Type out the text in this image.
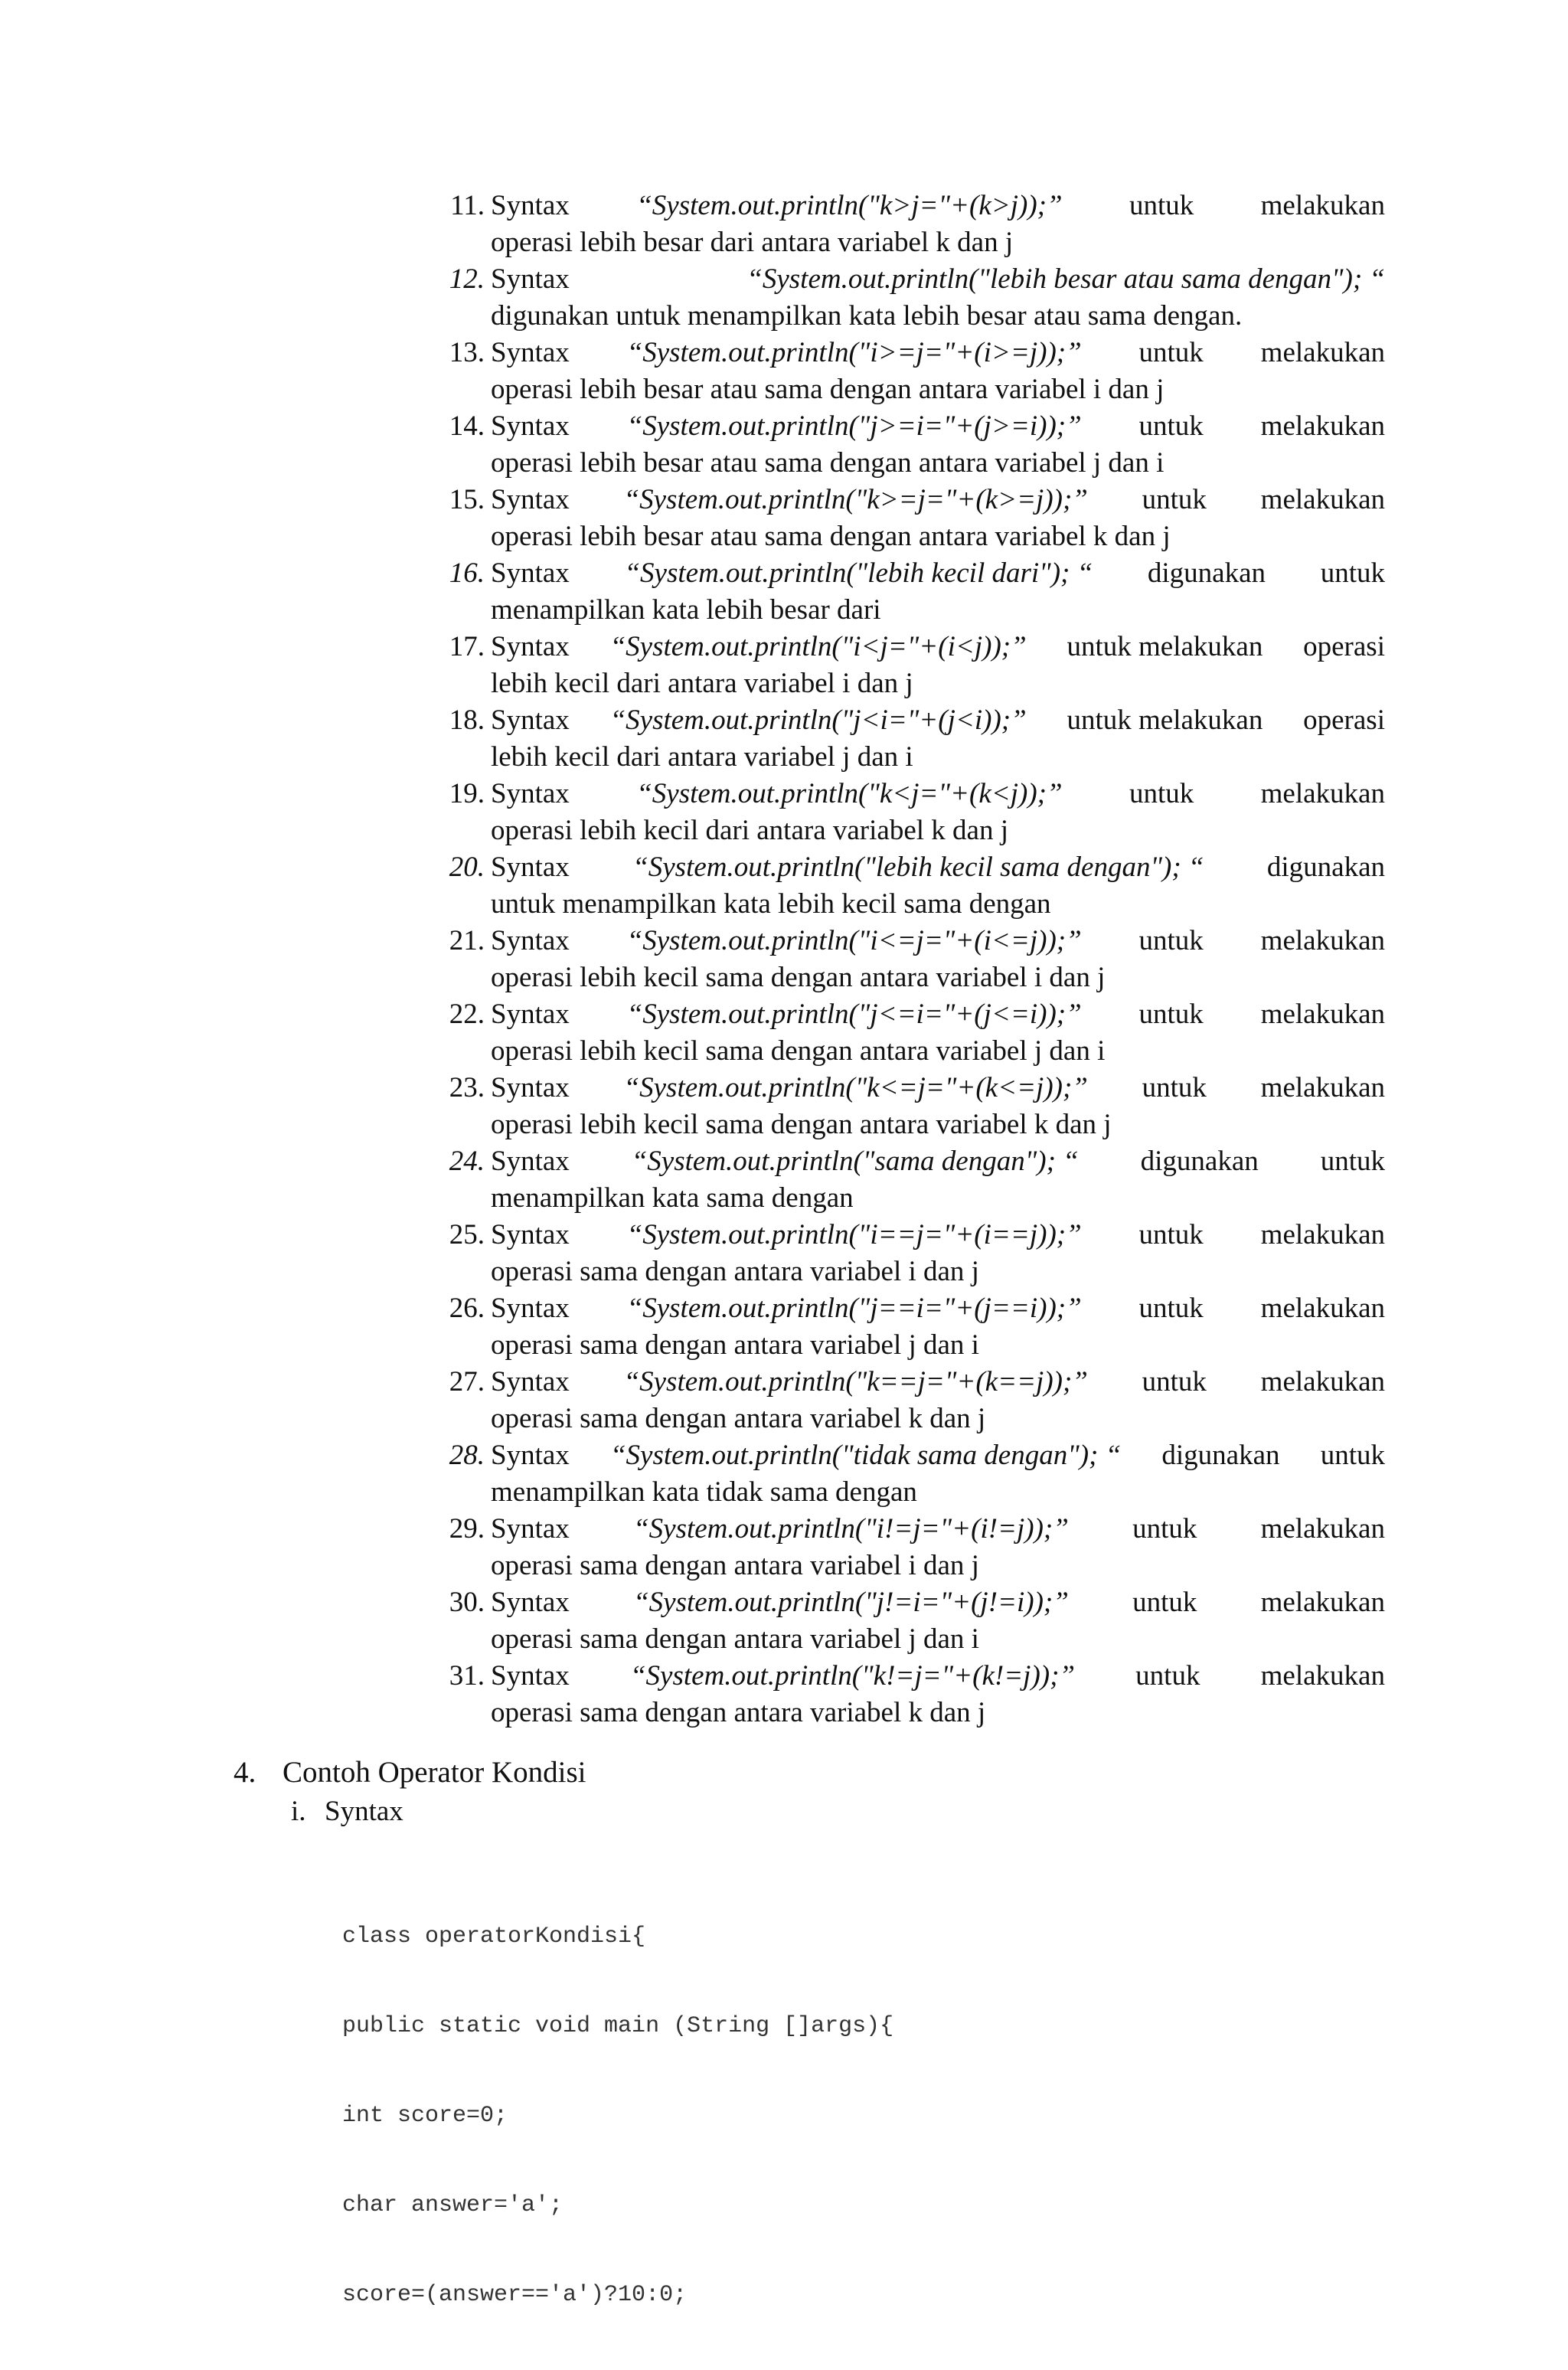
11. Syntax “System.out.println("k>j="+(k>j));” untuk melakukan
operasi lebih besar dari antara variabel k dan j
12. Syntax	“System.out.println("lebih besar atau sama dengan"); “
digunakan untuk menampilkan kata lebih besar atau sama dengan.
13. Syntax “System.out.println("i>=j="+(i>=j));” untuk melakukan
operasi lebih besar atau sama dengan antara variabel i dan j
14. Syntax “System.out.println("j>=i="+(j>=i));” untuk melakukan
operasi lebih besar atau sama dengan antara variabel j dan i
15. Syntax “System.out.println("k>=j="+(k>=j));” untuk melakukan
operasi lebih besar atau sama dengan antara variabel k dan j
16. Syntax “System.out.println("lebih kecil dari"); “ digunakan untuk
menampilkan kata lebih besar dari
17. Syntax “System.out.println("i<j="+(i<j));” untuk melakukan operasi
lebih kecil dari antara variabel i dan j
18. Syntax “System.out.println("j<i="+(j<i));” untuk melakukan operasi
lebih kecil dari antara variabel j dan i
19. Syntax “System.out.println("k<j="+(k<j));” untuk melakukan
operasi lebih kecil dari antara variabel k dan j
20. Syntax “System.out.println("lebih kecil sama dengan"); “ digunakan
untuk menampilkan kata lebih kecil sama dengan
21. Syntax “System.out.println("i<=j="+(i<=j));” untuk melakukan
operasi lebih kecil sama dengan antara variabel i dan j
22. Syntax “System.out.println("j<=i="+(j<=i));” untuk melakukan
operasi lebih kecil sama dengan antara variabel j dan i
23. Syntax “System.out.println("k<=j="+(k<=j));” untuk melakukan
operasi lebih kecil sama dengan antara variabel k dan j
24. Syntax “System.out.println("sama dengan"); “ digunakan untuk
menampilkan kata sama dengan
25. Syntax “System.out.println("i==j="+(i==j));” untuk melakukan
operasi sama dengan antara variabel i dan j
26. Syntax “System.out.println("j==i="+(j==i));” untuk melakukan
operasi sama dengan antara variabel j dan i
27. Syntax “System.out.println("k==j="+(k==j));” untuk melakukan
operasi sama dengan antara variabel k dan j
28. Syntax “System.out.println("tidak sama dengan"); “ digunakan untuk
menampilkan kata tidak sama dengan
29. Syntax “System.out.println("i!=j="+(i!=j));” untuk melakukan
operasi sama dengan antara variabel i dan j
30. Syntax “System.out.println("j!=i="+(j!=i));” untuk melakukan
operasi sama dengan antara variabel j dan i
31. Syntax “System.out.println("k!=j="+(k!=j));” untuk melakukan
operasi sama dengan antara variabel k dan j
4. Contoh Operator Kondisi
i. Syntax

class operatorKondisi{

public static void main (String []args){

int score=0;

char answer='a';

score=(answer=='a')?10:0;
